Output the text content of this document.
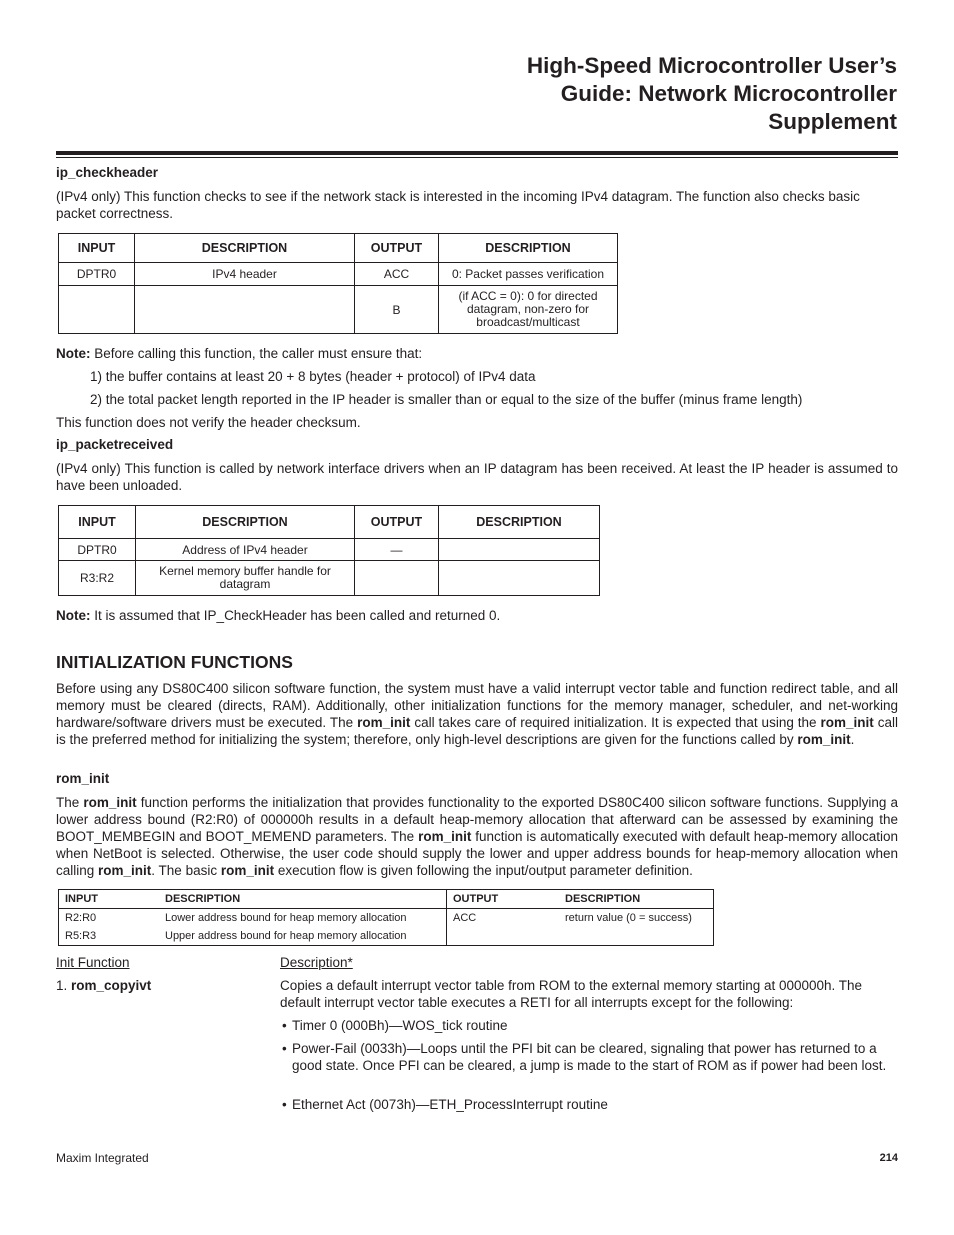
High-Speed Microcontroller User’s
Guide: Network Microcontroller
Supplement
ip_checkheader
(IPv4 only) This function checks to see if the network stack is interested in the incoming IPv4 datagram. The function also checks basic packet correctness.
INPUT	DESCRIPTION	OUTPUT	DESCRIPTION
DPTR0	IPv4 header	ACC	0: Packet passes verification
		B	(if ACC = 0): 0 for directed datagram, non-zero for broadcast/multicast
Note: Before calling this function, the caller must ensure that:
1) the buffer contains at least 20 + 8 bytes (header + protocol) of IPv4 data
2) the total packet length reported in the IP header is smaller than or equal to the size of the buffer (minus frame length)
This function does not verify the header checksum.
ip_packetreceived
(IPv4 only) This function is called by network interface drivers when an IP datagram has been received. At least the IP header is assumed to have been unloaded.
INPUT	DESCRIPTION	OUTPUT	DESCRIPTION
DPTR0	Address of IPv4 header	—	
R3:R2	Kernel memory buffer handle for datagram		
Note: It is assumed that IP_CheckHeader has been called and returned 0.
INITIALIZATION FUNCTIONS
Before using any DS80C400 silicon software function, the system must have a valid interrupt vector table and function redirect table, and all memory must be cleared (directs, RAM). Additionally, other initialization functions for the memory manager, scheduler, and net-working hardware/software drivers must be executed. The rom_init call takes care of required initialization. It is expected that using the rom_init call is the preferred method for initializing the system; therefore, only high-level descriptions are given for the functions called by rom_init.
rom_init
The rom_init function performs the initialization that provides functionality to the exported DS80C400 silicon software functions. Supplying a lower address bound (R2:R0) of 000000h results in a default heap-memory allocation that afterward can be assessed by examining the BOOT_MEMBEGIN and BOOT_MEMEND parameters. The rom_init function is automatically executed with default heap-memory allocation when NetBoot is selected. Otherwise, the user code should supply the lower and upper address bounds for heap-memory allocation when calling rom_init. The basic rom_init execution flow is given following the input/output parameter definition.
INPUT	DESCRIPTION	OUTPUT	DESCRIPTION
R2:R0	Lower address bound for heap memory allocation	ACC	return value (0 = success)
R5:R3	Upper address bound for heap memory allocation		
Init Function	Description*
1. rom_copyivt	Copies a default interrupt vector table from ROM to the external memory starting at 000000h. The default interrupt vector table executes a RETI for all interrupts except for the following:
• Timer 0 (000Bh)—WOS_tick routine
• Power-Fail (0033h)—Loops until the PFI bit can be cleared, signaling that power has returned to a good state. Once PFI can be cleared, a jump is made to the start of ROM as if power had been lost.
• Ethernet Act (0073h)—ETH_ProcessInterrupt routine
Maxim Integrated	214
